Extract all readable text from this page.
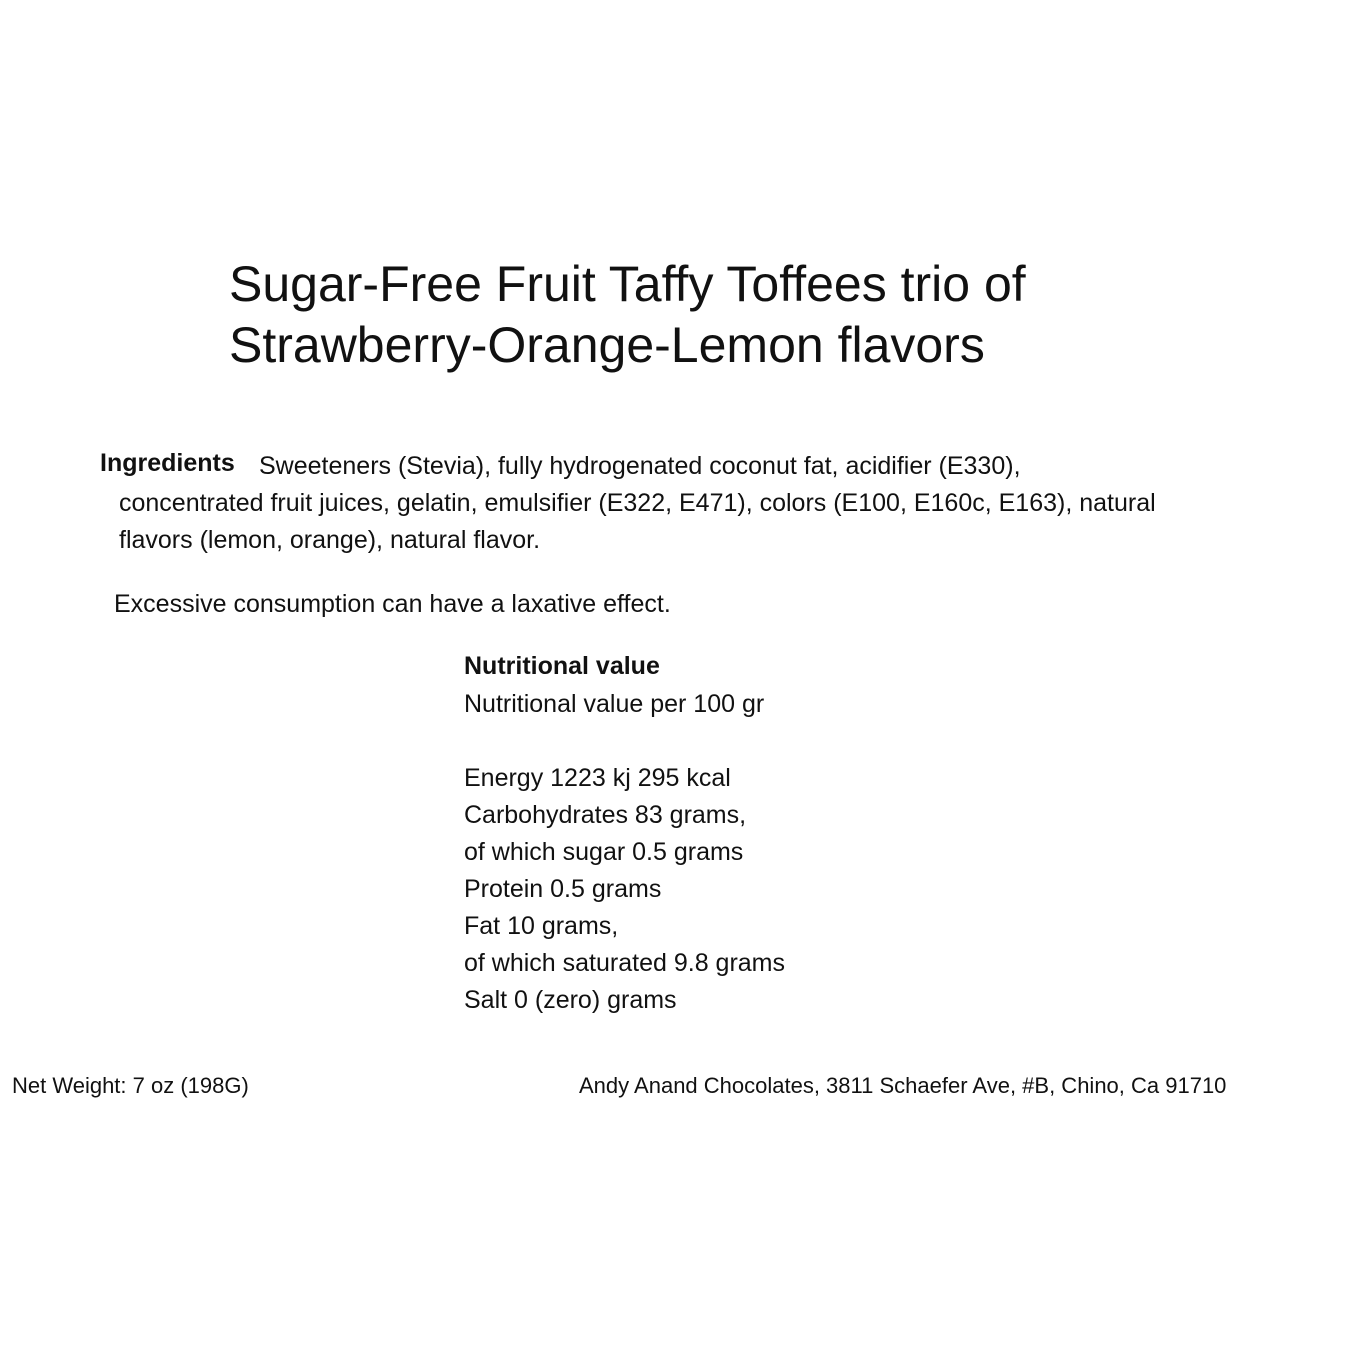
Sugar-Free Fruit Taffy Toffees trio of
Strawberry-Orange-Lemon flavors
Ingredients Sweeteners (Stevia), fully hydrogenated coconut fat, acidifier (E330),
concentrated fruit juices, gelatin, emulsifier (E322, E471), colors (E100, E160c, E163), natural
flavors (lemon, orange), natural flavor.
Excessive consumption can have a laxative effect.
Nutritional value
Nutritional value per 100 gr
Energy 1223 kj 295 kcal
Carbohydrates 83 grams,
of which sugar 0.5 grams
Protein 0.5 grams
Fat 10 grams,
of which saturated 9.8 grams
Salt 0 (zero) grams
Net Weight: 7 oz (198G)	Andy Anand Chocolates, 3811 Schaefer Ave, #B, Chino, Ca 91710
